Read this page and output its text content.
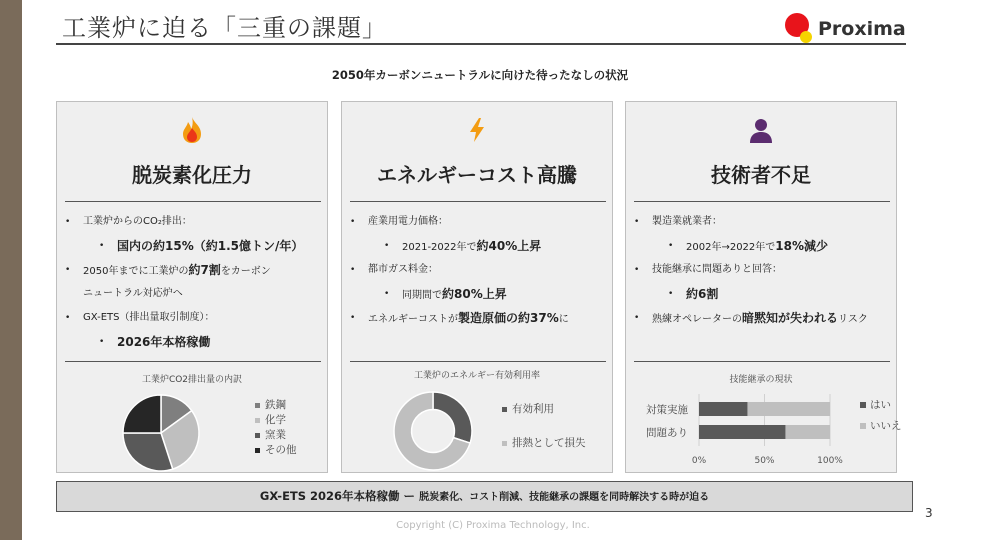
工業炉に迫る「三重の課題」	Proxima
2050年カーボンニュートラルに向けた待ったなしの状況
脱炭素化圧力
• 工業炉からのCO₂排出：
• 国内の約15%（約1.5億トン/年）
• 2050年までに工業炉の約7割をカーボン
ニュートラル対応炉へ
• GX-ETS（排出量取引制度）：
• 2026年本格稼働
工業炉CO2排出量の内訳
鉄鋼
化学
窯業
その他
エネルギーコスト高騰
• 産業用電力価格：
• 2021-2022年で約40%上昇
• 都市ガス料金：
• 同期間で約80%上昇
• エネルギーコストが製造原価の約37%に
工業炉のエネルギー有効利用率
有効利用
排熱として損失
技術者不足
• 製造業就業者：
• 2002年→2022年で18%減少
• 技能継承に問題ありと回答：
• 約6割
• 熟練オペレーターの暗黙知が失われるリスク
技能継承の現状
0%	50%	100%
対策実施
問題あり
はい
いいえ
GX-ETS 2026年本格稼働 ー 脱炭素化、コスト削減、技能継承の課題を同時解決する時が迫る
3
Copyright (C) Proxima Technology, Inc.
